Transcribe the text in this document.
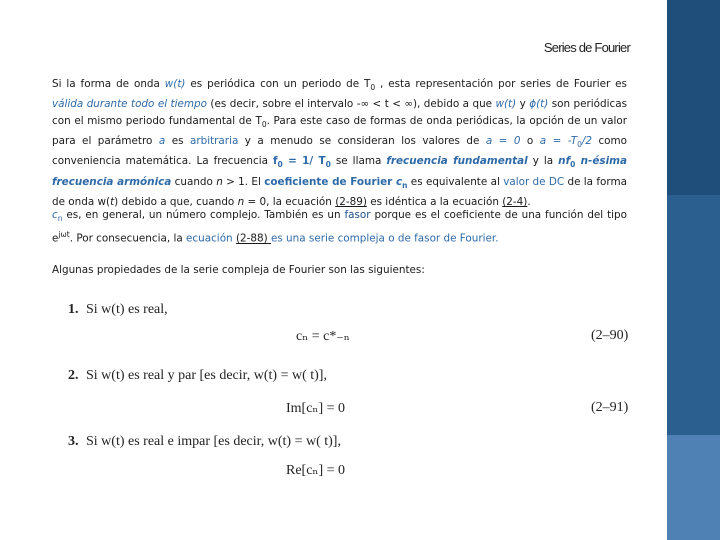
Series de Fourier
Si la forma de onda w(t) es periódica con un periodo de $T_0$ , esta representación por series de Fourier es válida durante todo el tiempo (es decir, sobre el intervalo -∞ < t < ∞), debido a que w(t) y ϕ(t) son periódicas con el mismo periodo fundamental de $T_0$. Para este caso de formas de onda periódicas, la opción de un valor para el parámetro a es arbitraria y a menudo se consideran los valores de a = 0 o $a = -T_0/2$ como conveniencia matemática. La frecuencia $f_0 = 1/$ $T_0$ se llama frecuencia fundamental y la $nf_0$ n-ésima frecuencia armónica cuando n > 1. El coeficiente de Fourier $c_n$ es equivalente al valor de DC de la forma de onda w(t) debido a que, cuando n = 0, la ecuación (2-89) es idéntica a la ecuación (2-4).
$c_n$ es, en general, un número complejo. También es un fasor porque es el coeficiente de una función del tipo $e^{j\omega t}$. Por consecuencia, la ecuación (2-88) es una serie compleja o de fasor de Fourier.
Algunas propiedades de la serie compleja de Fourier son las siguientes:
1. Si w(t) es real,
cₙ = c*₋ₙ	(2–90)
2. Si w(t) es real y par [es decir, w(t) = w( t)],
Im[cₙ] = 0	(2–91)
3. Si w(t) es real e impar [es decir, w(t) = w( t)],
Re[cₙ] = 0
